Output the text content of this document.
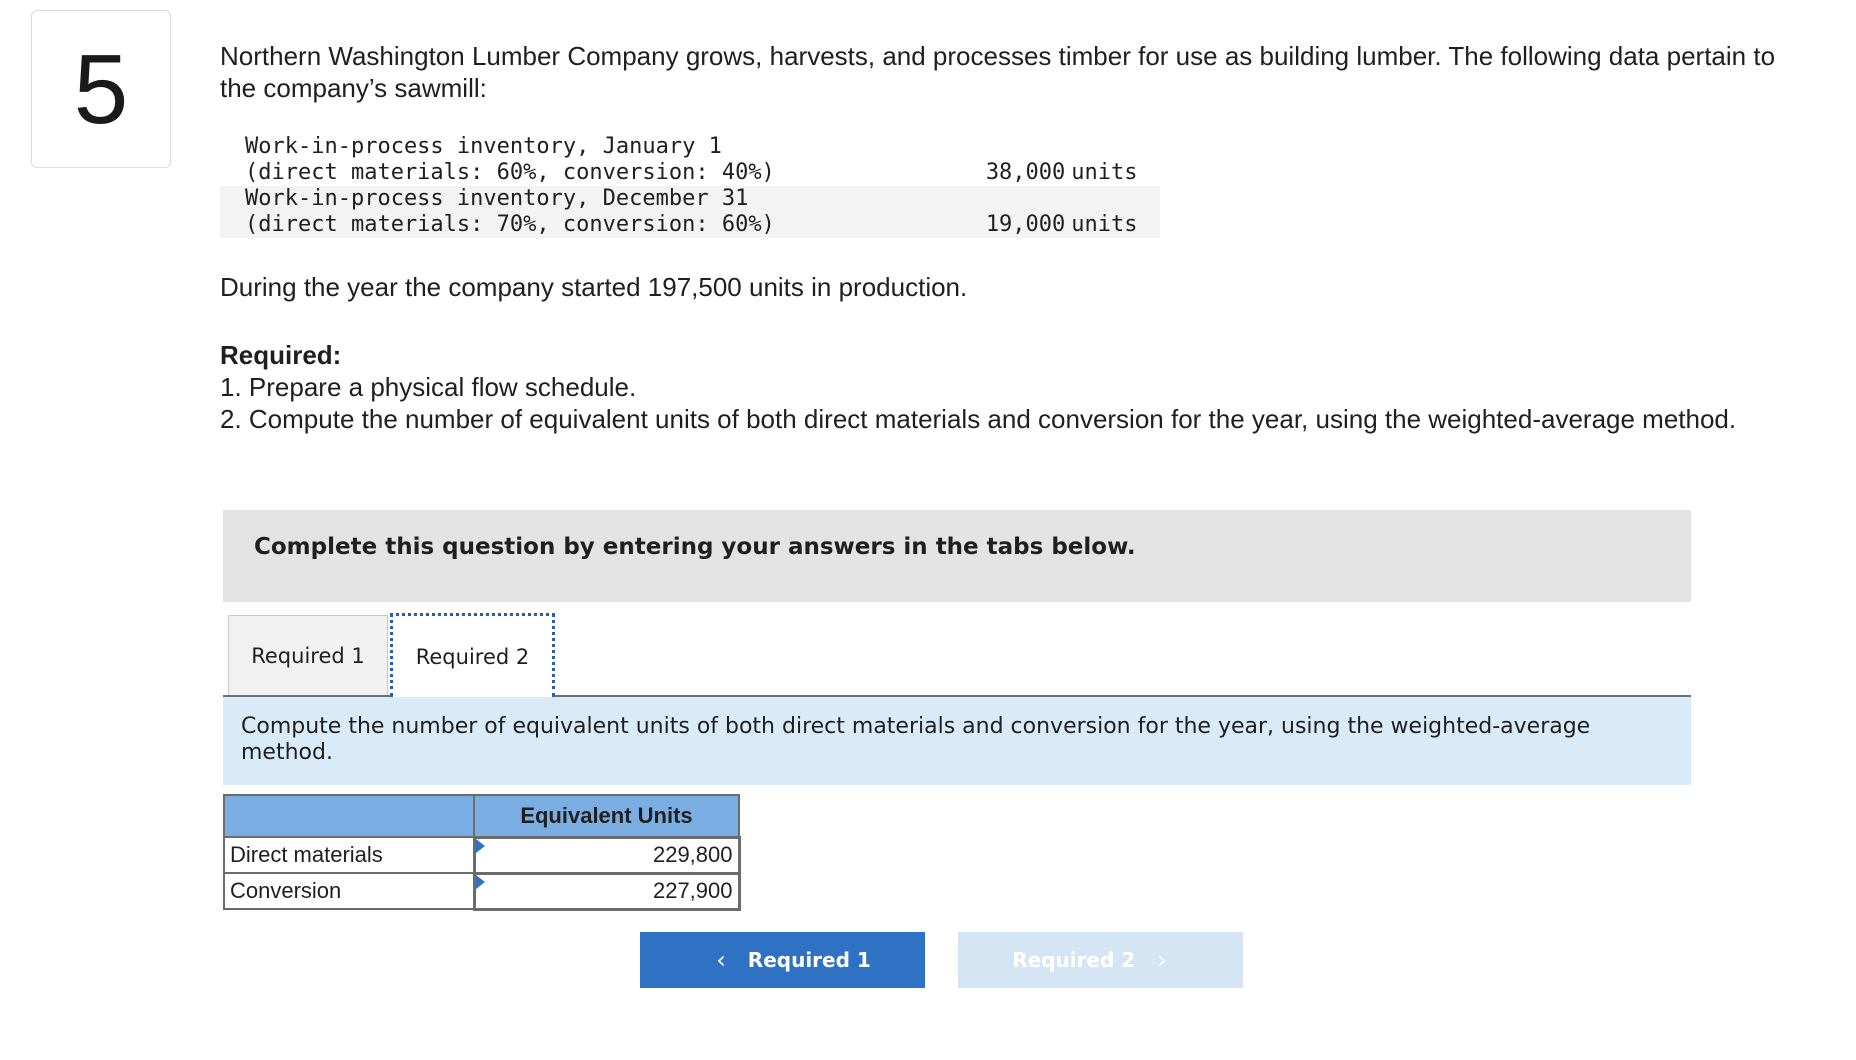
5	Northern Washington Lumber Company grows, harvests, and processes timber for use as building lumber. The following data pertain to the company’s sawmill:

Work-in-process inventory, January 1		
(direct materials: 60%, conversion: 40%)	38,000	units
Work-in-process inventory, December 31		
(direct materials: 70%, conversion: 60%)	19,000	units
During the year the company started 197,500 units in production.
Required:
1. Prepare a physical flow schedule.
2. Compute the number of equivalent units of both direct materials and conversion for the year, using the weighted-average method.
Complete this question by entering your answers in the tabs below.
Required 1 Required 2
Compute the number of equivalent units of both direct materials and conversion for the year, using the weighted-average method.
	Equivalent Units
Direct materials	229,800
Conversion	227,900
‹ Required 1	Required 2 ›
